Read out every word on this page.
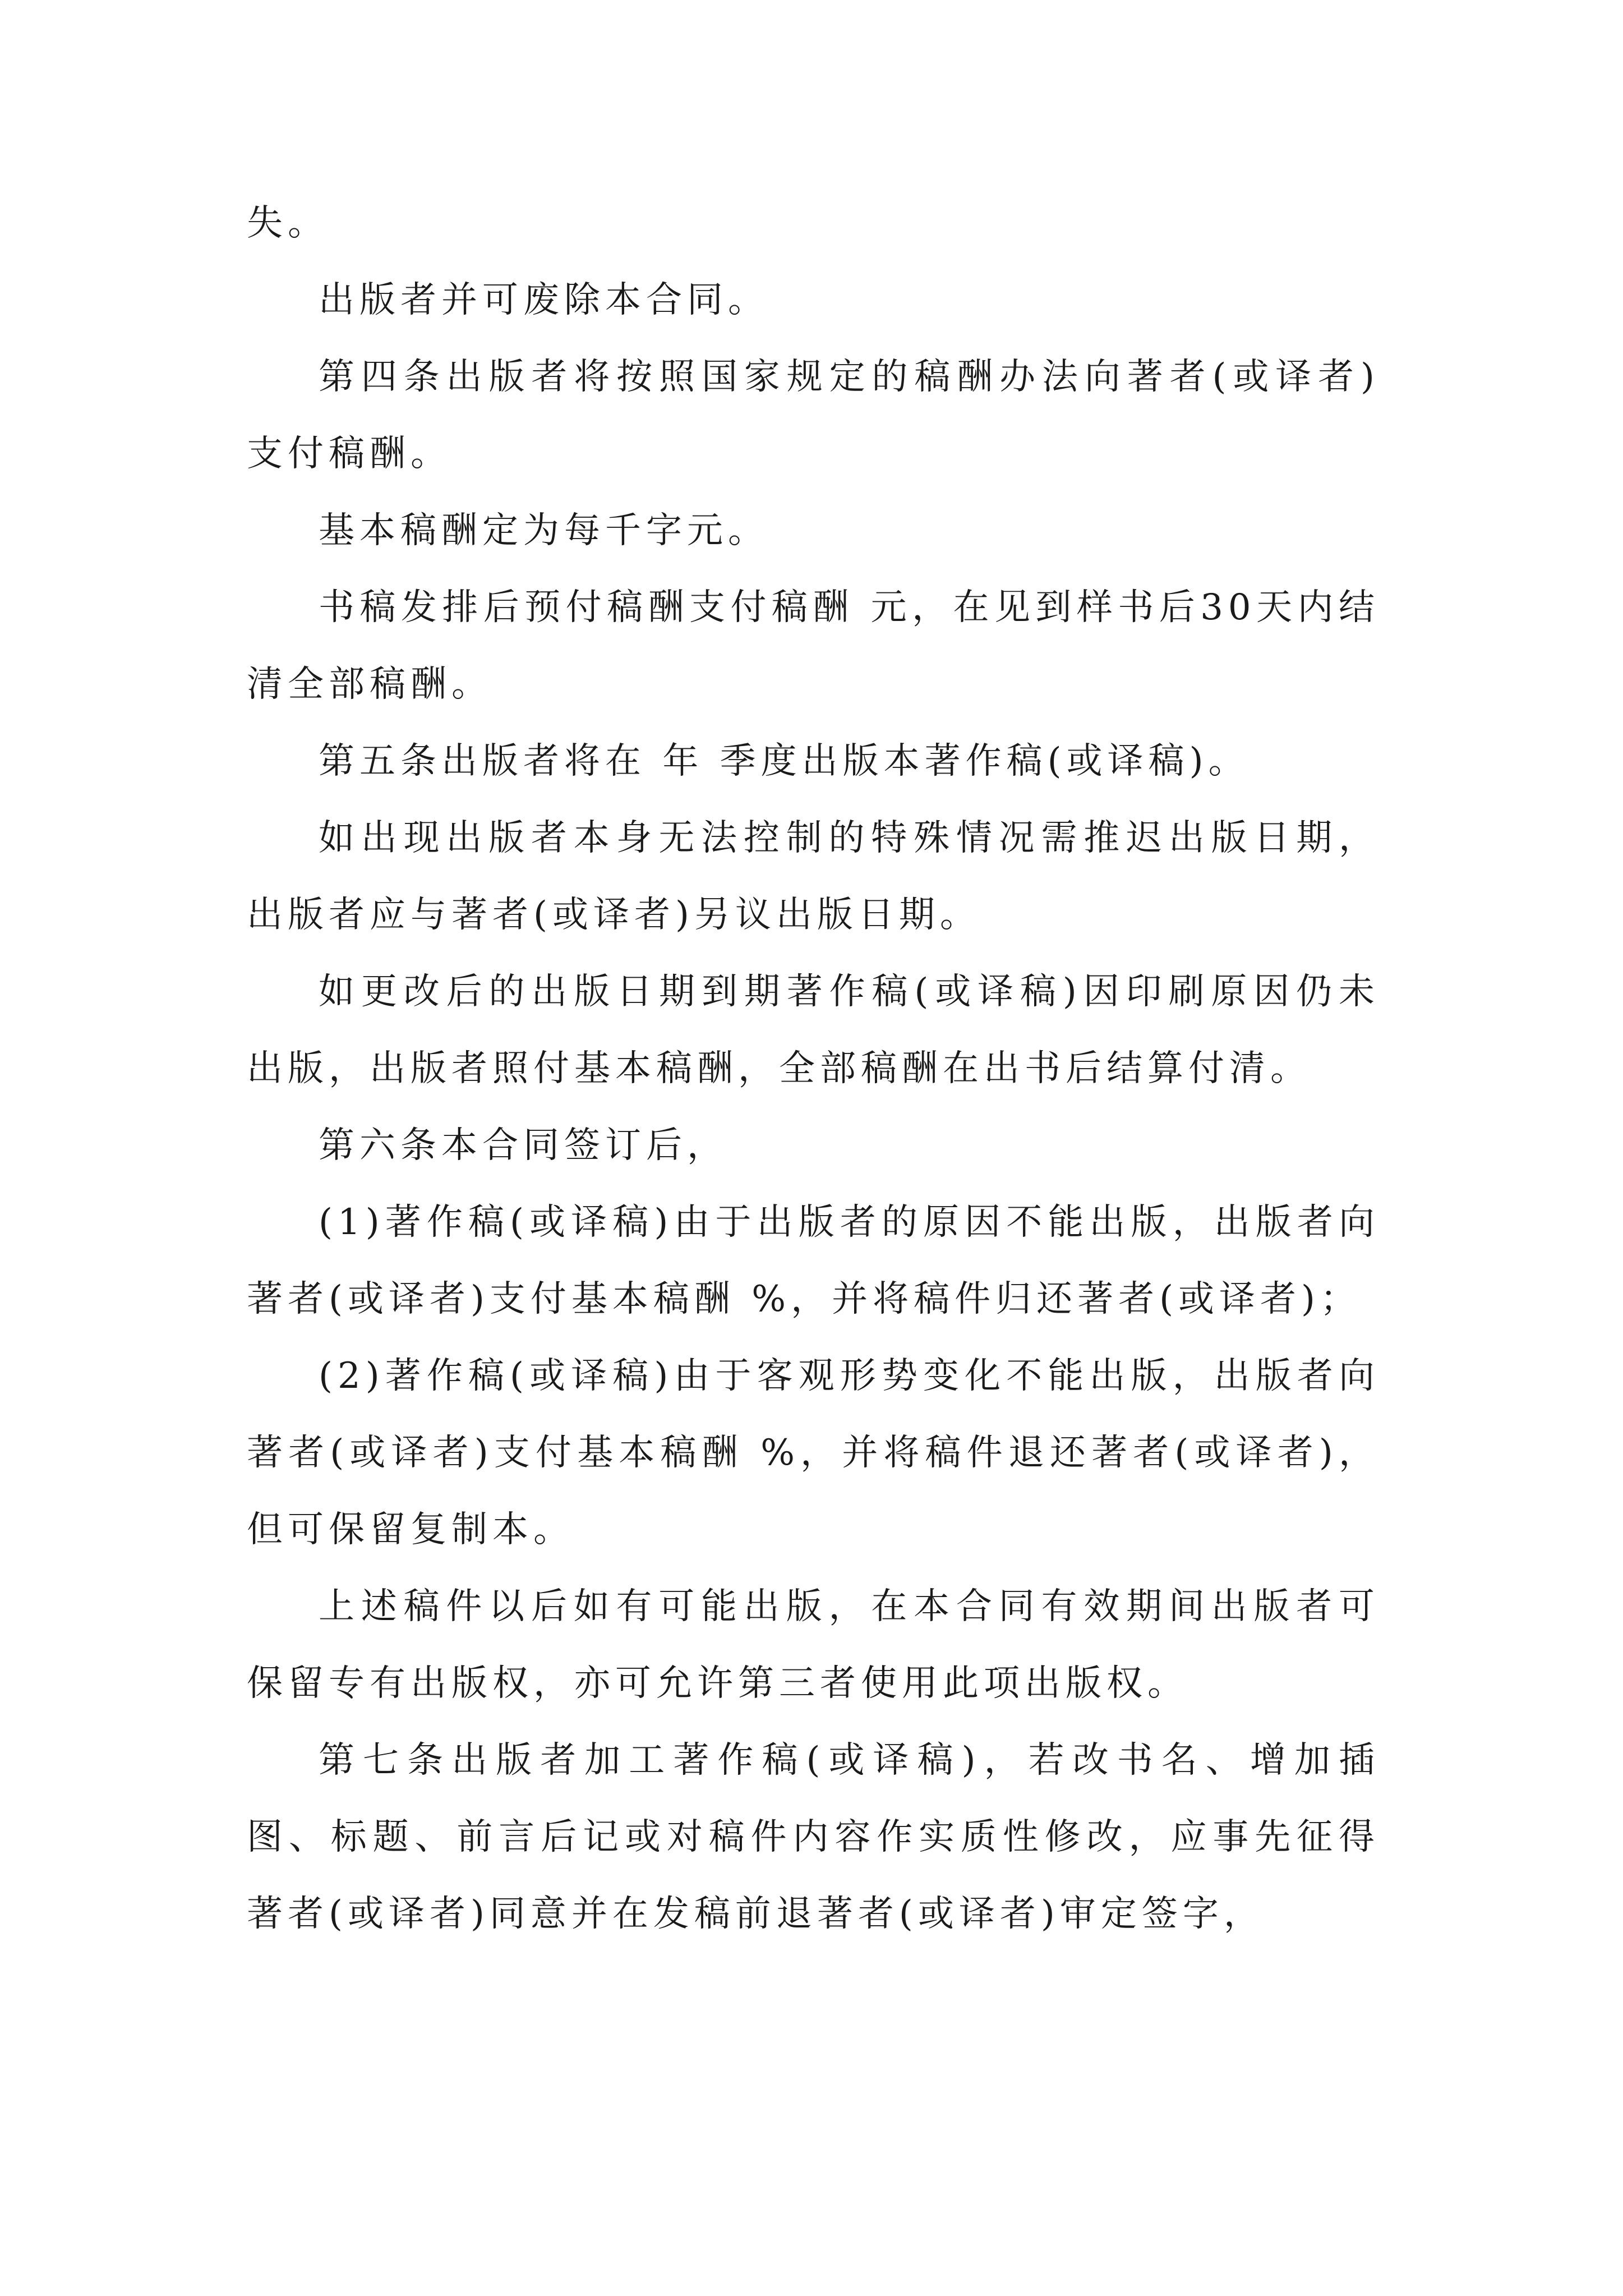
失。

出版者并可废除本合同。

第四条出版者将按照国家规定的稿酬办法向著者(或译者)支付稿酬。

基本稿酬定为每千字元。

书稿发排后预付稿酬支付稿酬 元，在见到样书后30天内结清全部稿酬。

第五条出版者将在 年 季度出版本著作稿(或译稿)。

如出现出版者本身无法控制的特殊情况需推迟出版日期，出版者应与著者(或译者)另议出版日期。

如更改后的出版日期到期著作稿(或译稿)因印刷原因仍未出版，出版者照付基本稿酬，全部稿酬在出书后结算付清。

第六条本合同签订后，

(1)著作稿(或译稿)由于出版者的原因不能出版，出版者向著者(或译者)支付基本稿酬 %，并将稿件归还著者(或译者)；

(2)著作稿(或译稿)由于客观形势变化不能出版，出版者向著者(或译者)支付基本稿酬 %，并将稿件退还著者(或译者)，但可保留复制本。

上述稿件以后如有可能出版，在本合同有效期间出版者可保留专有出版权，亦可允许第三者使用此项出版权。

第七条出版者加工著作稿(或译稿)，若改书名、增加插图、标题、前言后记或对稿件内容作实质性修改，应事先征得著者(或译者)同意并在发稿前退著者(或译者)审定签字，
